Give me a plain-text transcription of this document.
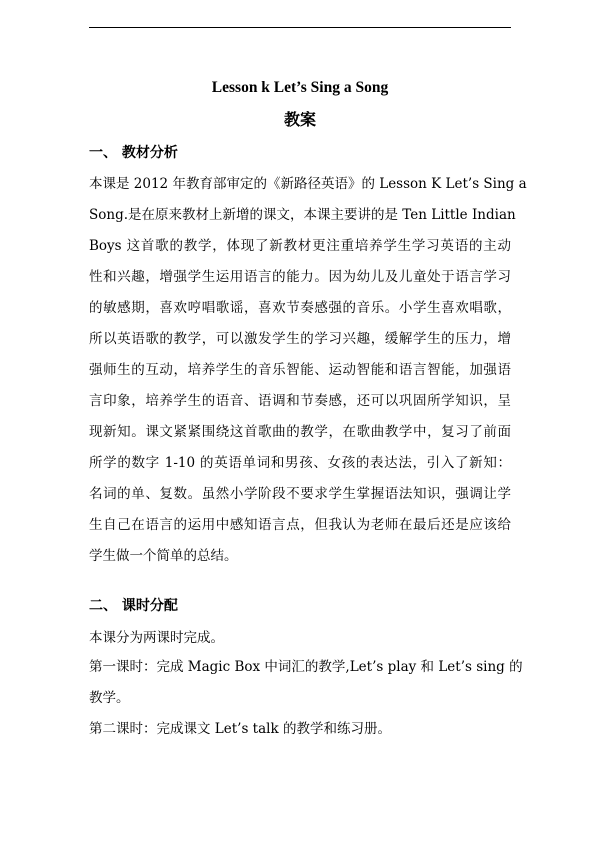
Lesson k Let’s Sing a Song
教案
一、 教材分析
本课是 2012 年教育部审定的《新路径英语》的 Lesson K Let’s Sing a
Song.是在原来教材上新增的课文，本课主要讲的是 Ten Little Indian
Boys 这首歌的教学，体现了新教材更注重培养学生学习英语的主动
性和兴趣，增强学生运用语言的能力。因为幼儿及儿童处于语言学习
的敏感期，喜欢哼唱歌谣，喜欢节奏感强的音乐。小学生喜欢唱歌，
所以英语歌的教学，可以激发学生的学习兴趣，缓解学生的压力，增
强师生的互动，培养学生的音乐智能、运动智能和语言智能，加强语
言印象，培养学生的语音、语调和节奏感，还可以巩固所学知识，呈
现新知。课文紧紧围绕这首歌曲的教学，在歌曲教学中，复习了前面
所学的数字 1-10 的英语单词和男孩、女孩的表达法，引入了新知：
名词的单、复数。虽然小学阶段不要求学生掌握语法知识，强调让学
生自己在语言的运用中感知语言点，但我认为老师在最后还是应该给
学生做一个简单的总结。
二、 课时分配
本课分为两课时完成。
第一课时：完成 Magic Box 中词汇的教学,Let’s play 和 Let’s sing 的
教学。
第二课时：完成课文 Let’s talk 的教学和练习册。
